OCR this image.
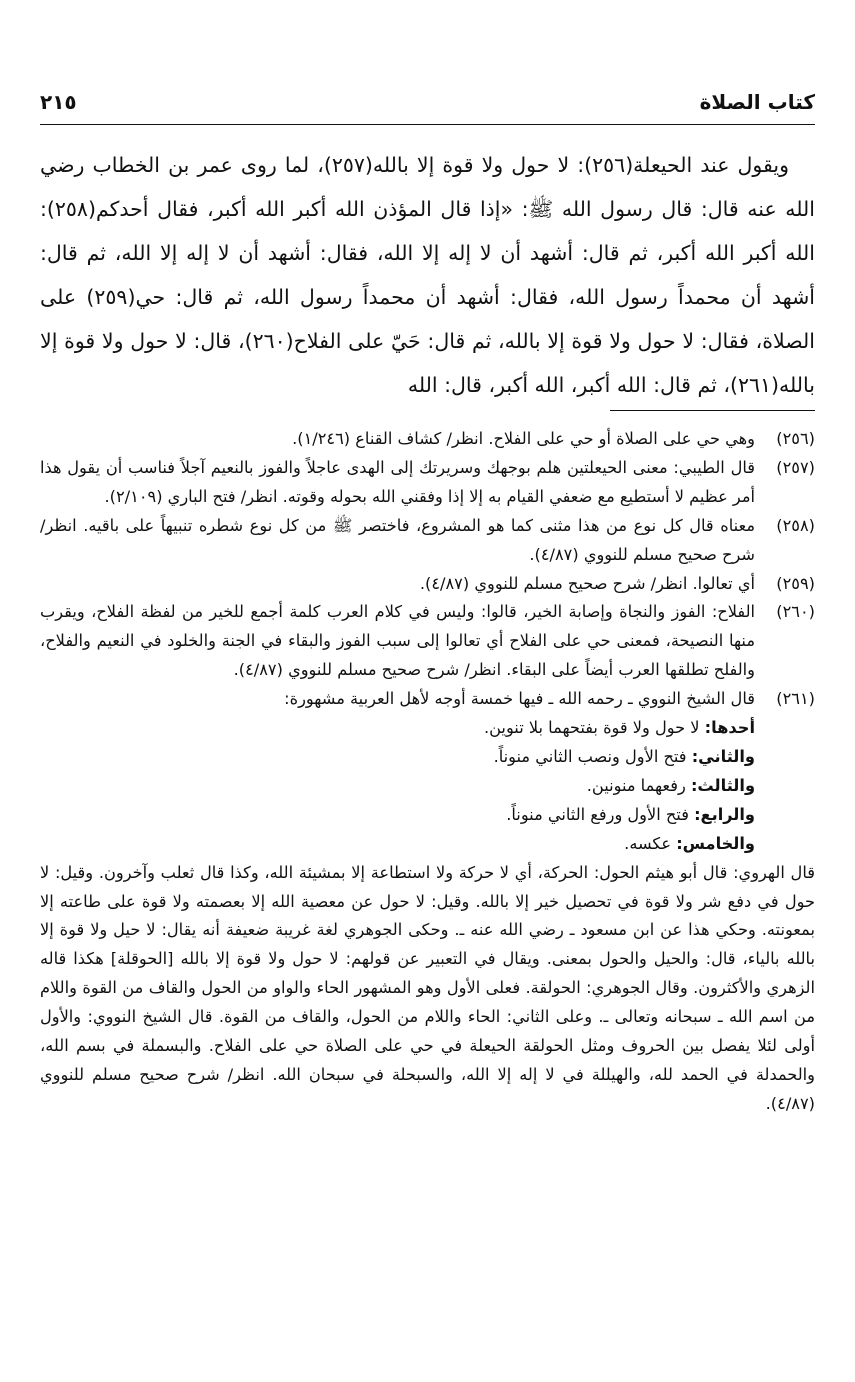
٢١٥	كتاب الصلاة

ويقول عند الحيعلة(٢٥٦): لا حول ولا قوة إلا بالله(٢٥٧)، لما روى عمر بن الخطاب رضي الله عنه قال: قال رسول الله ﷺ: «إذا قال المؤذن الله أكبر الله أكبر، فقال أحدكم(٢٥٨): الله أكبر الله أكبر، ثم قال: أشهد أن لا إله إلا الله، فقال: أشهد أن لا إله إلا الله، ثم قال: أشهد أن محمداً رسول الله، فقال: أشهد أن محمداً رسول الله، ثم قال: حي(٢٥٩) على الصلاة، فقال: لا حول ولا قوة إلا بالله، ثم قال: حَيّ على الفلاح(٢٦٠)، قال: لا حول ولا قوة إلا بالله(٢٦١)، ثم قال: الله أكبر، الله أكبر، قال: الله

(٢٥٦)

وهي حي على الصلاة أو حي على الفلاح. انظر/ كشاف القناع (١/٢٤٦).

(٢٥٧)

قال الطيبي: معنى الحيعلتين هلم بوجهك وسريرتك إلى الهدى عاجلاً والفوز بالنعيم آجلاً فناسب أن يقول هذا أمر عظيم لا أستطيع مع ضعفي القيام به إلا إذا وفقني الله بحوله وقوته. انظر/ فتح الباري (٢/١٠٩).

(٢٥٨)

معناه قال كل نوع من هذا مثنى كما هو المشروع، فاختصر ﷺ من كل نوع شطره تنبيهاً على باقيه. انظر/ شرح صحيح مسلم للنووي (٤/٨٧).

(٢٥٩)

أي تعالوا. انظر/ شرح صحيح مسلم للنووي (٤/٨٧).

(٢٦٠)

الفلاح: الفوز والنجاة وإصابة الخير، قالوا: وليس في كلام العرب كلمة أجمع للخير من لفظة الفلاح، ويقرب منها النصيحة، فمعنى حي على الفلاح أي تعالوا إلى سبب الفوز والبقاء في الجنة والخلود في النعيم والفلاح، والفلح تطلقها العرب أيضاً على البقاء. انظر/ شرح صحيح مسلم للنووي (٤/٨٧).

(٢٦١)

قال الشيخ النووي ـ رحمه الله ـ فيها خمسة أوجه لأهل العربية مشهورة:

أحدها: لا حول ولا قوة بفتحهما بلا تنوين.

والثاني: فتح الأول ونصب الثاني منوناً.

والثالث: رفعهما منونين.

والرابع: فتح الأول ورفع الثاني منوناً.

والخامس: عكسه.

قال الهروي: قال أبو هيثم الحول: الحركة، أي لا حركة ولا استطاعة إلا بمشيئة الله، وكذا قال ثعلب وآخرون. وقيل: لا حول في دفع شر ولا قوة في تحصيل خير إلا بالله. وقيل: لا حول عن معصية الله إلا بعصمته ولا قوة على طاعته إلا بمعونته. وحكي هذا عن ابن مسعود ـ رضي الله عنه ـ. وحكى الجوهري لغة غريبة ضعيفة أنه يقال: لا حيل ولا قوة إلا بالله بالياء، قال: والحيل والحول بمعنى. ويقال في التعبير عن قولهم: لا حول ولا قوة إلا بالله [الحوقلة] هكذا قاله الزهري والأكثرون. وقال الجوهري: الحولقة. فعلى الأول وهو المشهور الحاء والواو من الحول والقاف من القوة واللام من اسم الله ـ سبحانه وتعالى ـ. وعلى الثاني: الحاء واللام من الحول، والقاف من القوة. قال الشيخ النووي: والأول أولى لئلا يفصل بين الحروف ومثل الحولقة الحيعلة في حي على الصلاة حي على الفلاح. والبسملة في بسم الله، والحمدلة في الحمد لله، والهيللة في لا إله إلا الله، والسبحلة في سبحان الله. انظر/ شرح صحيح مسلم للنووي (٤/٨٧).
